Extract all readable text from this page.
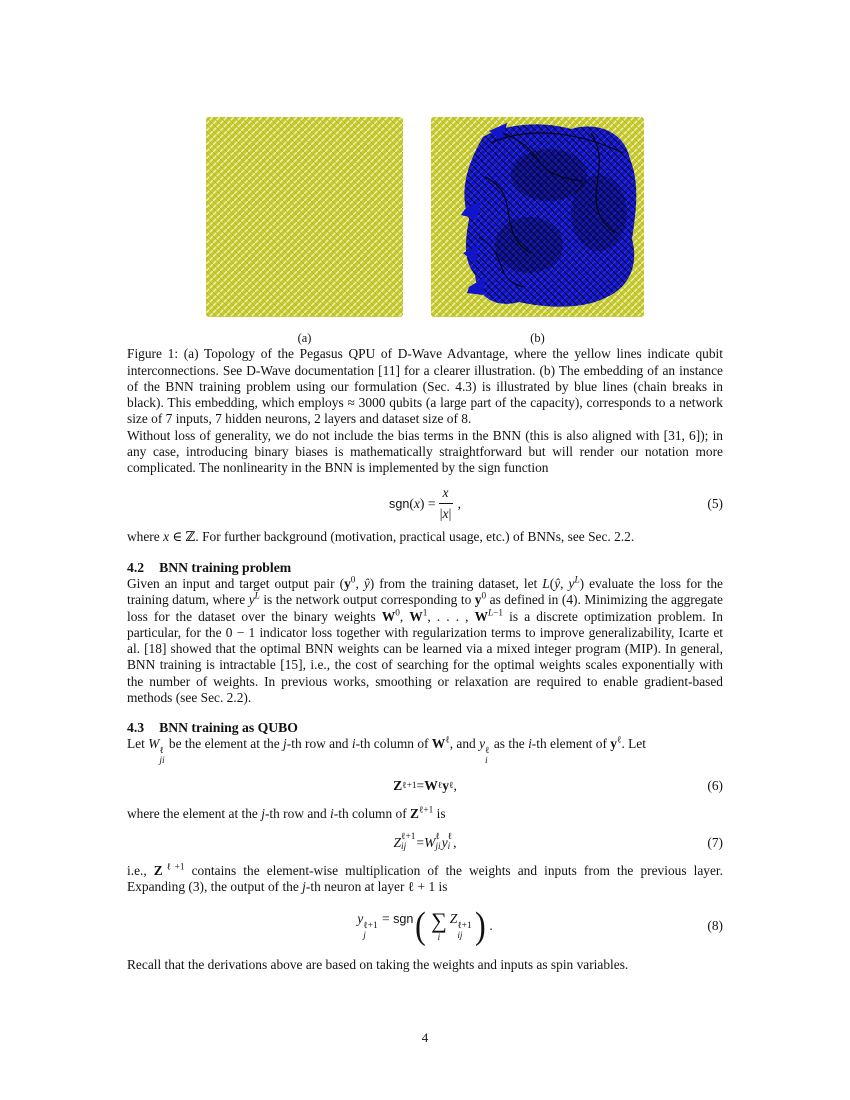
(a)	(b)

Figure 1: (a) Topology of the Pegasus QPU of D-Wave Advantage, where the yellow lines indicate qubit interconnections. See D-Wave documentation [11] for a clearer illustration. (b) The embedding of an instance of the BNN training problem using our formulation (Sec. 4.3) is illustrated by blue lines (chain breaks in black). This embedding, which employs ≈ 3000 qubits (a large part of the capacity), corresponds to a network size of 7 inputs, 7 hidden neurons, 2 layers and dataset size of 8.

Without loss of generality, we do not include the bias terms in the BNN (this is also aligned with [31, 6]); in any case, introducing binary biases is mathematically straightforward but will render our notation more complicated. The nonlinearity in the BNN is implemented by the sign function

$sgn(x) = \frac{x}{|x|}$ ,	(5)

where x ∈ ℤ. For further background (motivation, practical usage, etc.) of BNNs, see Sec. 2.2.

4.2 BNN training problem

Given an input and target output pair ($y^0$, ŷ) from the training dataset, let L(ŷ, $y^L$) evaluate the loss for the training datum, where $y^L$ is the network output corresponding to $y^0$ as defined in (4). Minimizing the aggregate loss for the dataset over the binary weights $W^0$, $W^1$, . . . , $W^{L-1}$ is a discrete optimization problem. In particular, for the 0 − 1 indicator loss together with regularization terms to improve generalizability, Icarte et al. [18] showed that the optimal BNN weights can be learned via a mixed integer program (MIP). In general, BNN training is intractable [15], i.e., the cost of searching for the optimal weights scales exponentially with the number of weights. In previous works, smoothing or relaxation are required to enable gradient-based methods (see Sec. 2.2).

4.3 BNN training as QUBO

Let W ℓ
ji
be the element at the j-th row and i-th column of $W^\ell$, and y ℓ
i
as the i-th element of $y^\ell$. Let

Z ℓ+1 = W ℓ y ℓ ,	(6)

where the element at the j-th row and i-th column of $Z^{\ell+1}$ is

Z ℓ+1
ij = W ℓ
ji y ℓ
i ,	(7)

i.e., $Z^{\ell+1}$ contains the element-wise multiplication of the weights and inputs from the previous layer. Expanding (3), the output of the j-th neuron at layer ℓ + 1 is

y ℓ+1
j
= sgn ( ∑
i
Z ℓ+1
ij ) .	(8)

Recall that the derivations above are based on taking the weights and inputs as spin variables.

4
